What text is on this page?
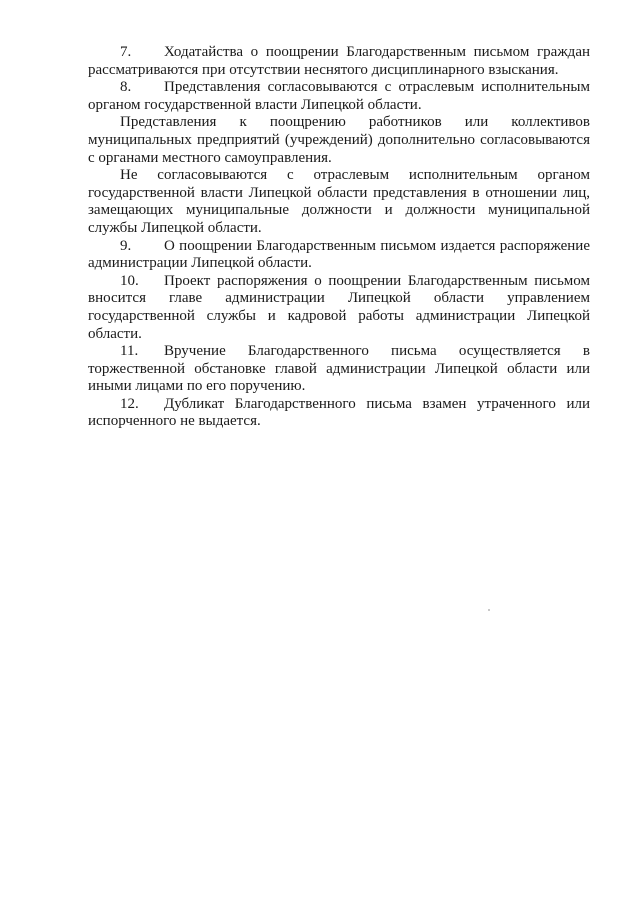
7. Ходатайства о поощрении Благодарственным письмом граждан рассматриваются при отсутствии неснятого дисциплинарного взыскания.

8. Представления согласовываются с отраслевым исполнительным органом государственной власти Липецкой области.

Представления к поощрению работников или коллективов муниципальных предприятий (учреждений) дополнительно согласовываются с органами местного самоуправления.

Не согласовываются с отраслевым исполнительным органом государственной власти Липецкой области представления в отношении лиц, замещающих муниципальные должности и должности муниципальной службы Липецкой области.

9. О поощрении Благодарственным письмом издается распоряжение администрации Липецкой области.

10. Проект распоряжения о поощрении Благодарственным письмом вносится главе администрации Липецкой области управлением государственной службы и кадровой работы администрации Липецкой области.

11. Вручение Благодарственного письма осуществляется в торжественной обстановке главой администрации Липецкой области или иными лицами по его поручению.

12. Дубликат Благодарственного письма взамен утраченного или испорченного не выдается.
